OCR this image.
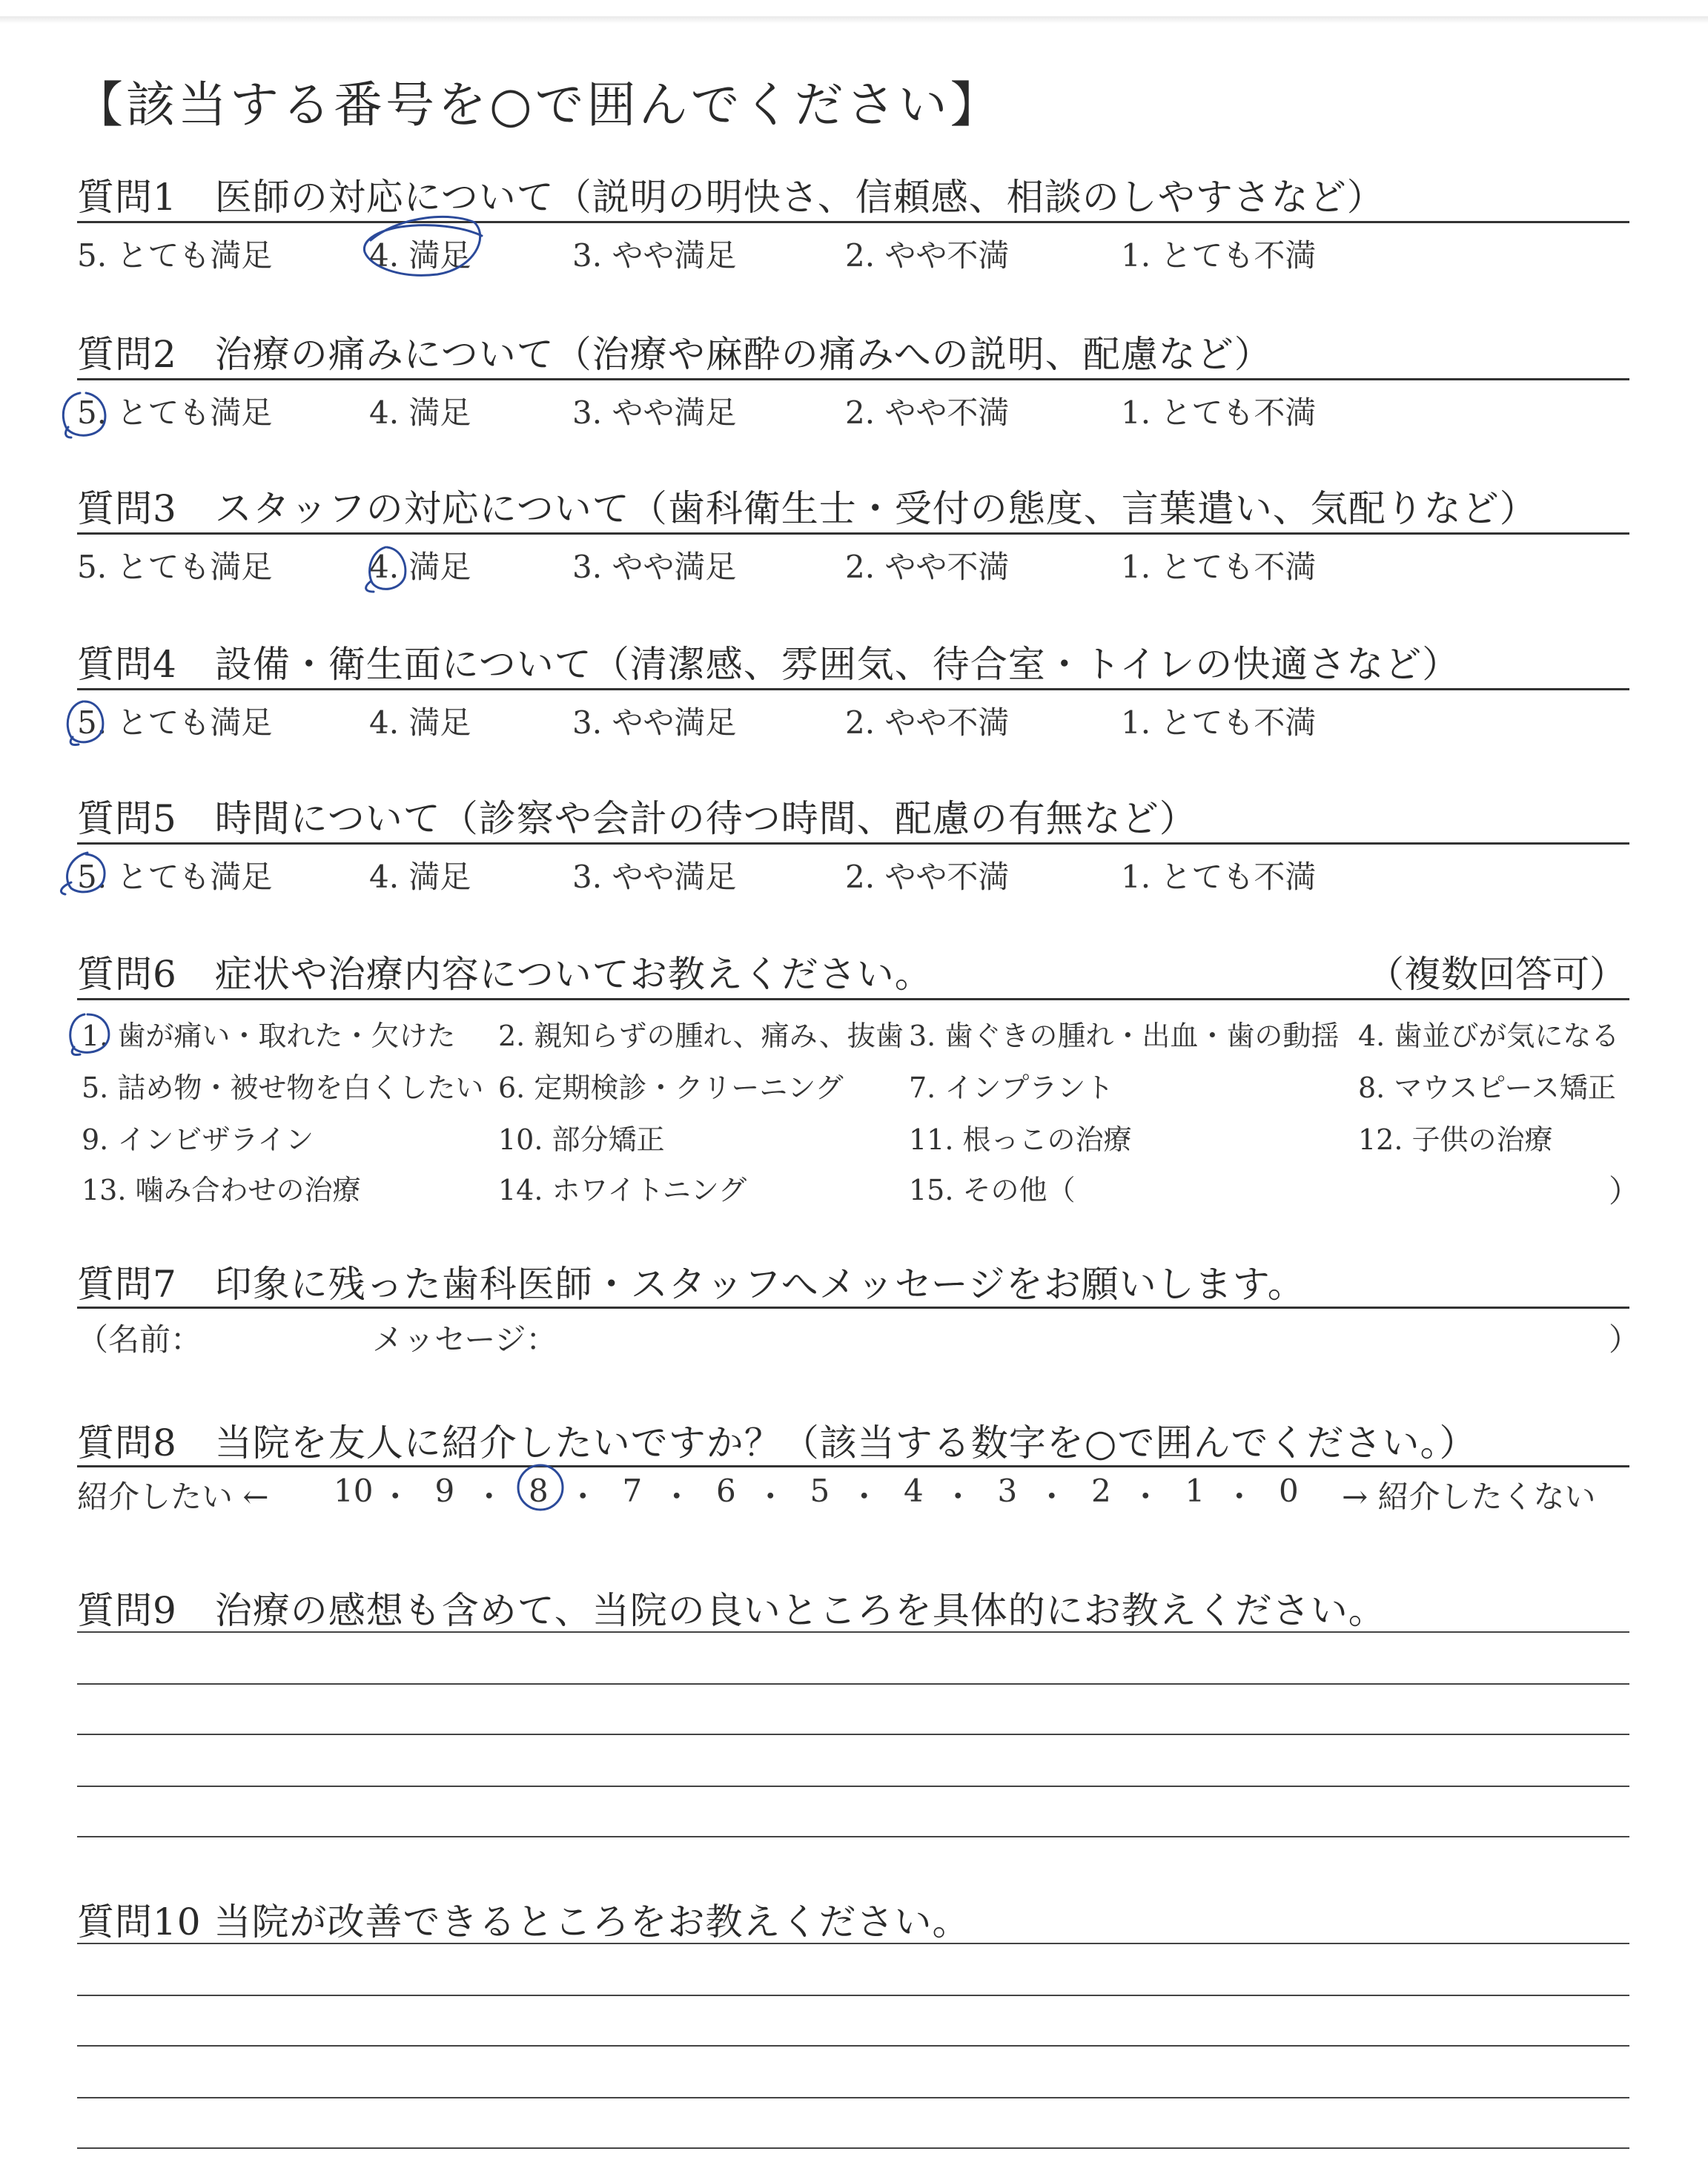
【該当する番号を○で囲んでください】
質問1　医師の対応について（説明の明快さ、信頼感、相談のしやすさなど）
5. とても満足	4. 満足	3. やや満足	2. やや不満	1. とても不満
質問2　治療の痛みについて（治療や麻酔の痛みへの説明、配慮など）
5. とても満足	4. 満足	3. やや満足	2. やや不満	1. とても不満
質問3　スタッフの対応について（歯科衛生士・受付の態度、言葉遣い、気配りなど）
5. とても満足	4. 満足	3. やや満足	2. やや不満	1. とても不満
質問4　設備・衛生面について（清潔感、雰囲気、待合室・トイレの快適さなど）
5. とても満足	4. 満足	3. やや満足	2. やや不満	1. とても不満
質問5　時間について（診察や会計の待つ時間、配慮の有無など）
5. とても満足	4. 満足	3. やや満足	2. やや不満	1. とても不満
質問6　症状や治療内容についてお教えください。	（複数回答可）
1. 歯が痛い・取れた・欠けた 2. 親知らずの腫れ、痛み、抜歯 3. 歯ぐきの腫れ・出血・歯の動揺 4. 歯並びが気になる
5. 詰め物・被せ物を白くしたい 6. 定期検診・クリーニング 7. インプラント	8. マウスピース矯正
9. インビザライン	10. 部分矯正	11. 根っこの治療	12. 子供の治療
13. 噛み合わせの治療	14. ホワイトニング	15. その他（	）
質問7　印象に残った歯科医師・スタッフへメッセージをお願いします。
（名前：	メッセージ：	）
質問8　当院を友人に紹介したいですか？（該当する数字を○で囲んでください。）
紹介したい ← 10 ・ 9 ・ 8 ・ 7 ・ 6 ・ 5 ・ 4 ・ 3 ・ 2 ・ 1 ・ 0 → 紹介したくない
質問9　治療の感想も含めて、当院の良いところを具体的にお教えください。
質問10 当院が改善できるところをお教えください。
